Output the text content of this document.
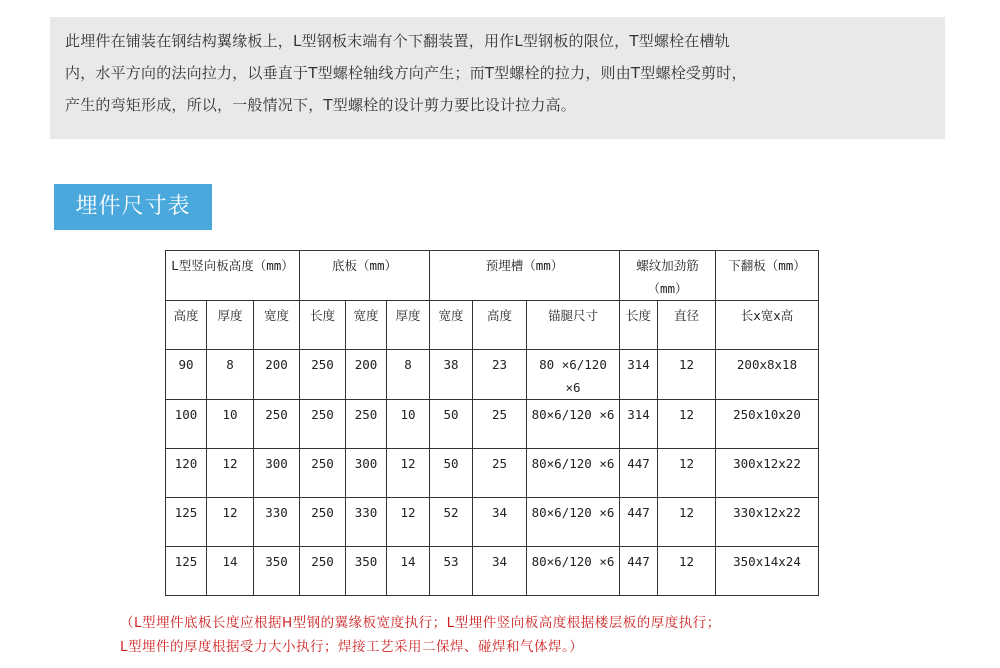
此埋件在铺装在钢结构翼缘板上，L型钢板末端有个下翻装置，用作L型钢板的限位，T型螺栓在槽轨

内，水平方向的法向拉力，以垂直于T型螺栓轴线方向产生；而T型螺栓的拉力，则由T型螺栓受剪时，

产生的弯矩形成，所以，一般情况下，T型螺栓的设计剪力要比设计拉力高。

埋件尺寸表
L型竖向板高度（mm）			底板（mm）			预埋槽（mm）			螺纹加劲筋（mm）		下翻板（mm）
高度	厚度	宽度	长度	宽度	厚度	宽度	高度	锚腿尺寸	长度	直径	长x宽x高
90	8	200	250	200	8	38	23	80 ×6/120 ×6	314	12	200x8x18
100	10	250	250	250	10	50	25	80×6/120 ×6	314	12	250x10x20
120	12	300	250	300	12	50	25	80×6/120 ×6	447	12	300x12x22
125	12	330	250	330	12	52	34	80×6/120 ×6	447	12	330x12x22
125	14	350	250	350	14	53	34	80×6/120 ×6	447	12	350x14x24
（L型埋件底板长度应根据H型钢的翼缘板宽度执行；L型埋件竖向板高度根据楼层板的厚度执行；
L型埋件的厚度根据受力大小执行；焊接工艺采用二保焊、碰焊和气体焊。）
